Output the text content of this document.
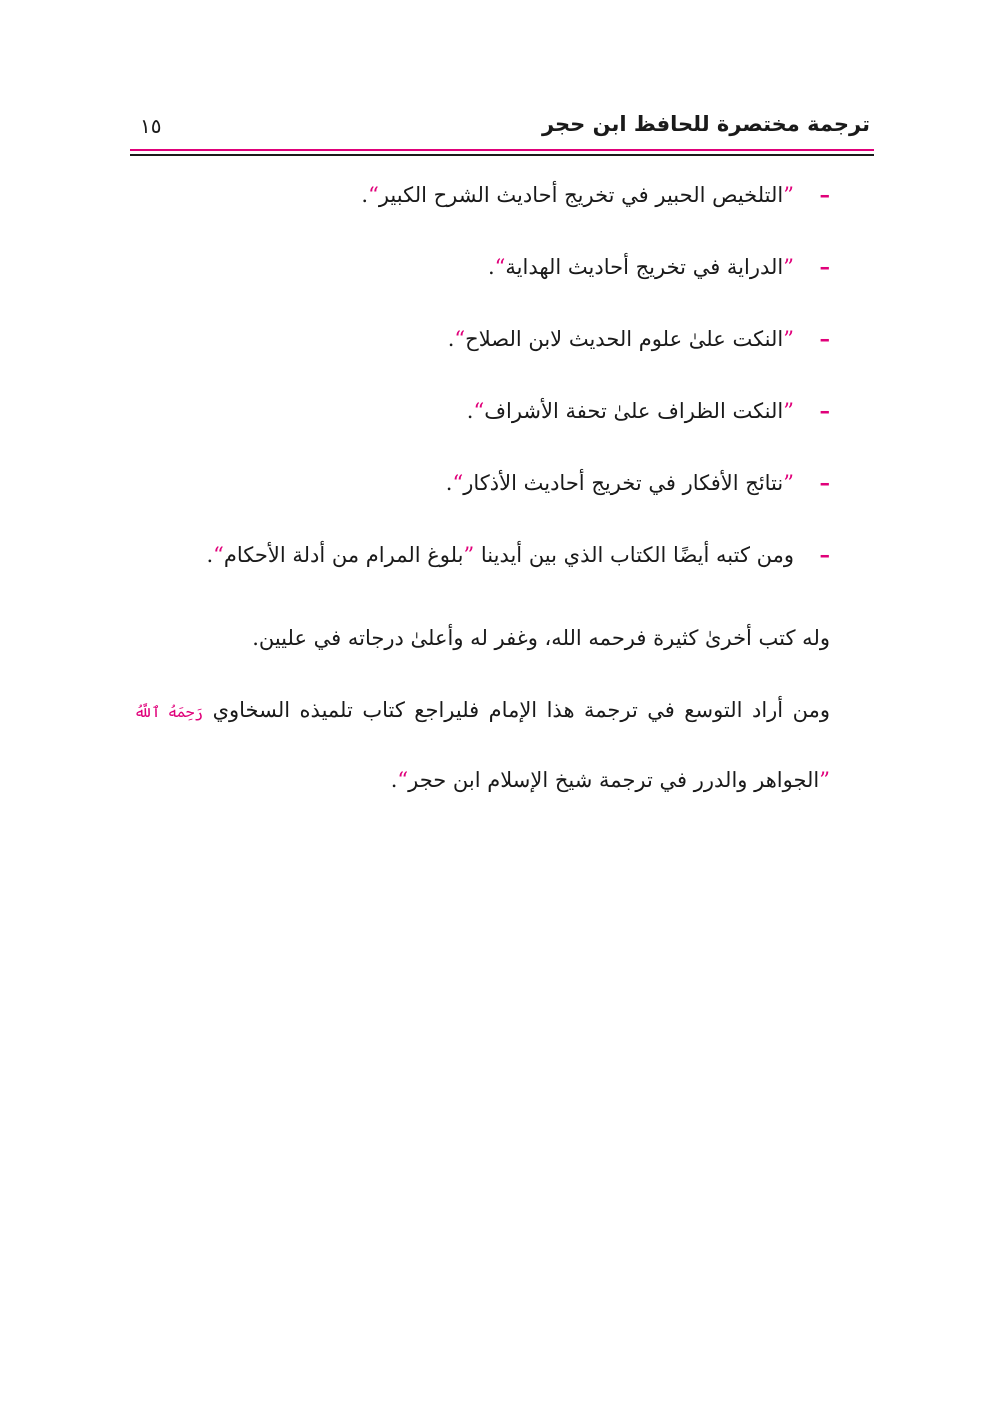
ترجمة مختصرة للحافظ ابن حجر
١٥
–
”التلخيص الحبير في تخريج أحاديث الشرح الكبير“.
–
”الدراية في تخريج أحاديث الهداية“.
–
”النكت علىٰ علوم الحديث لابن الصلاح“.
–
”النكت الظراف علىٰ تحفة الأشراف“.
–
”نتائج الأفكار في تخريج أحاديث الأذكار“.
–
ومن كتبه أيضًا الكتاب الذي بين أيدينا ”بلوغ المرام من أدلة الأحكام“.

وله كتب أخرىٰ كثيرة فرحمه الله، وغفر له وأعلىٰ درجاته في عليين.

ومن أراد التوسع في ترجمة هذا الإمام فليراجع كتاب تلميذه السخاوي رَحِمَهُ ٱللَّهُ ”الجواهر والدرر في ترجمة شيخ الإسلام ابن حجر“.
